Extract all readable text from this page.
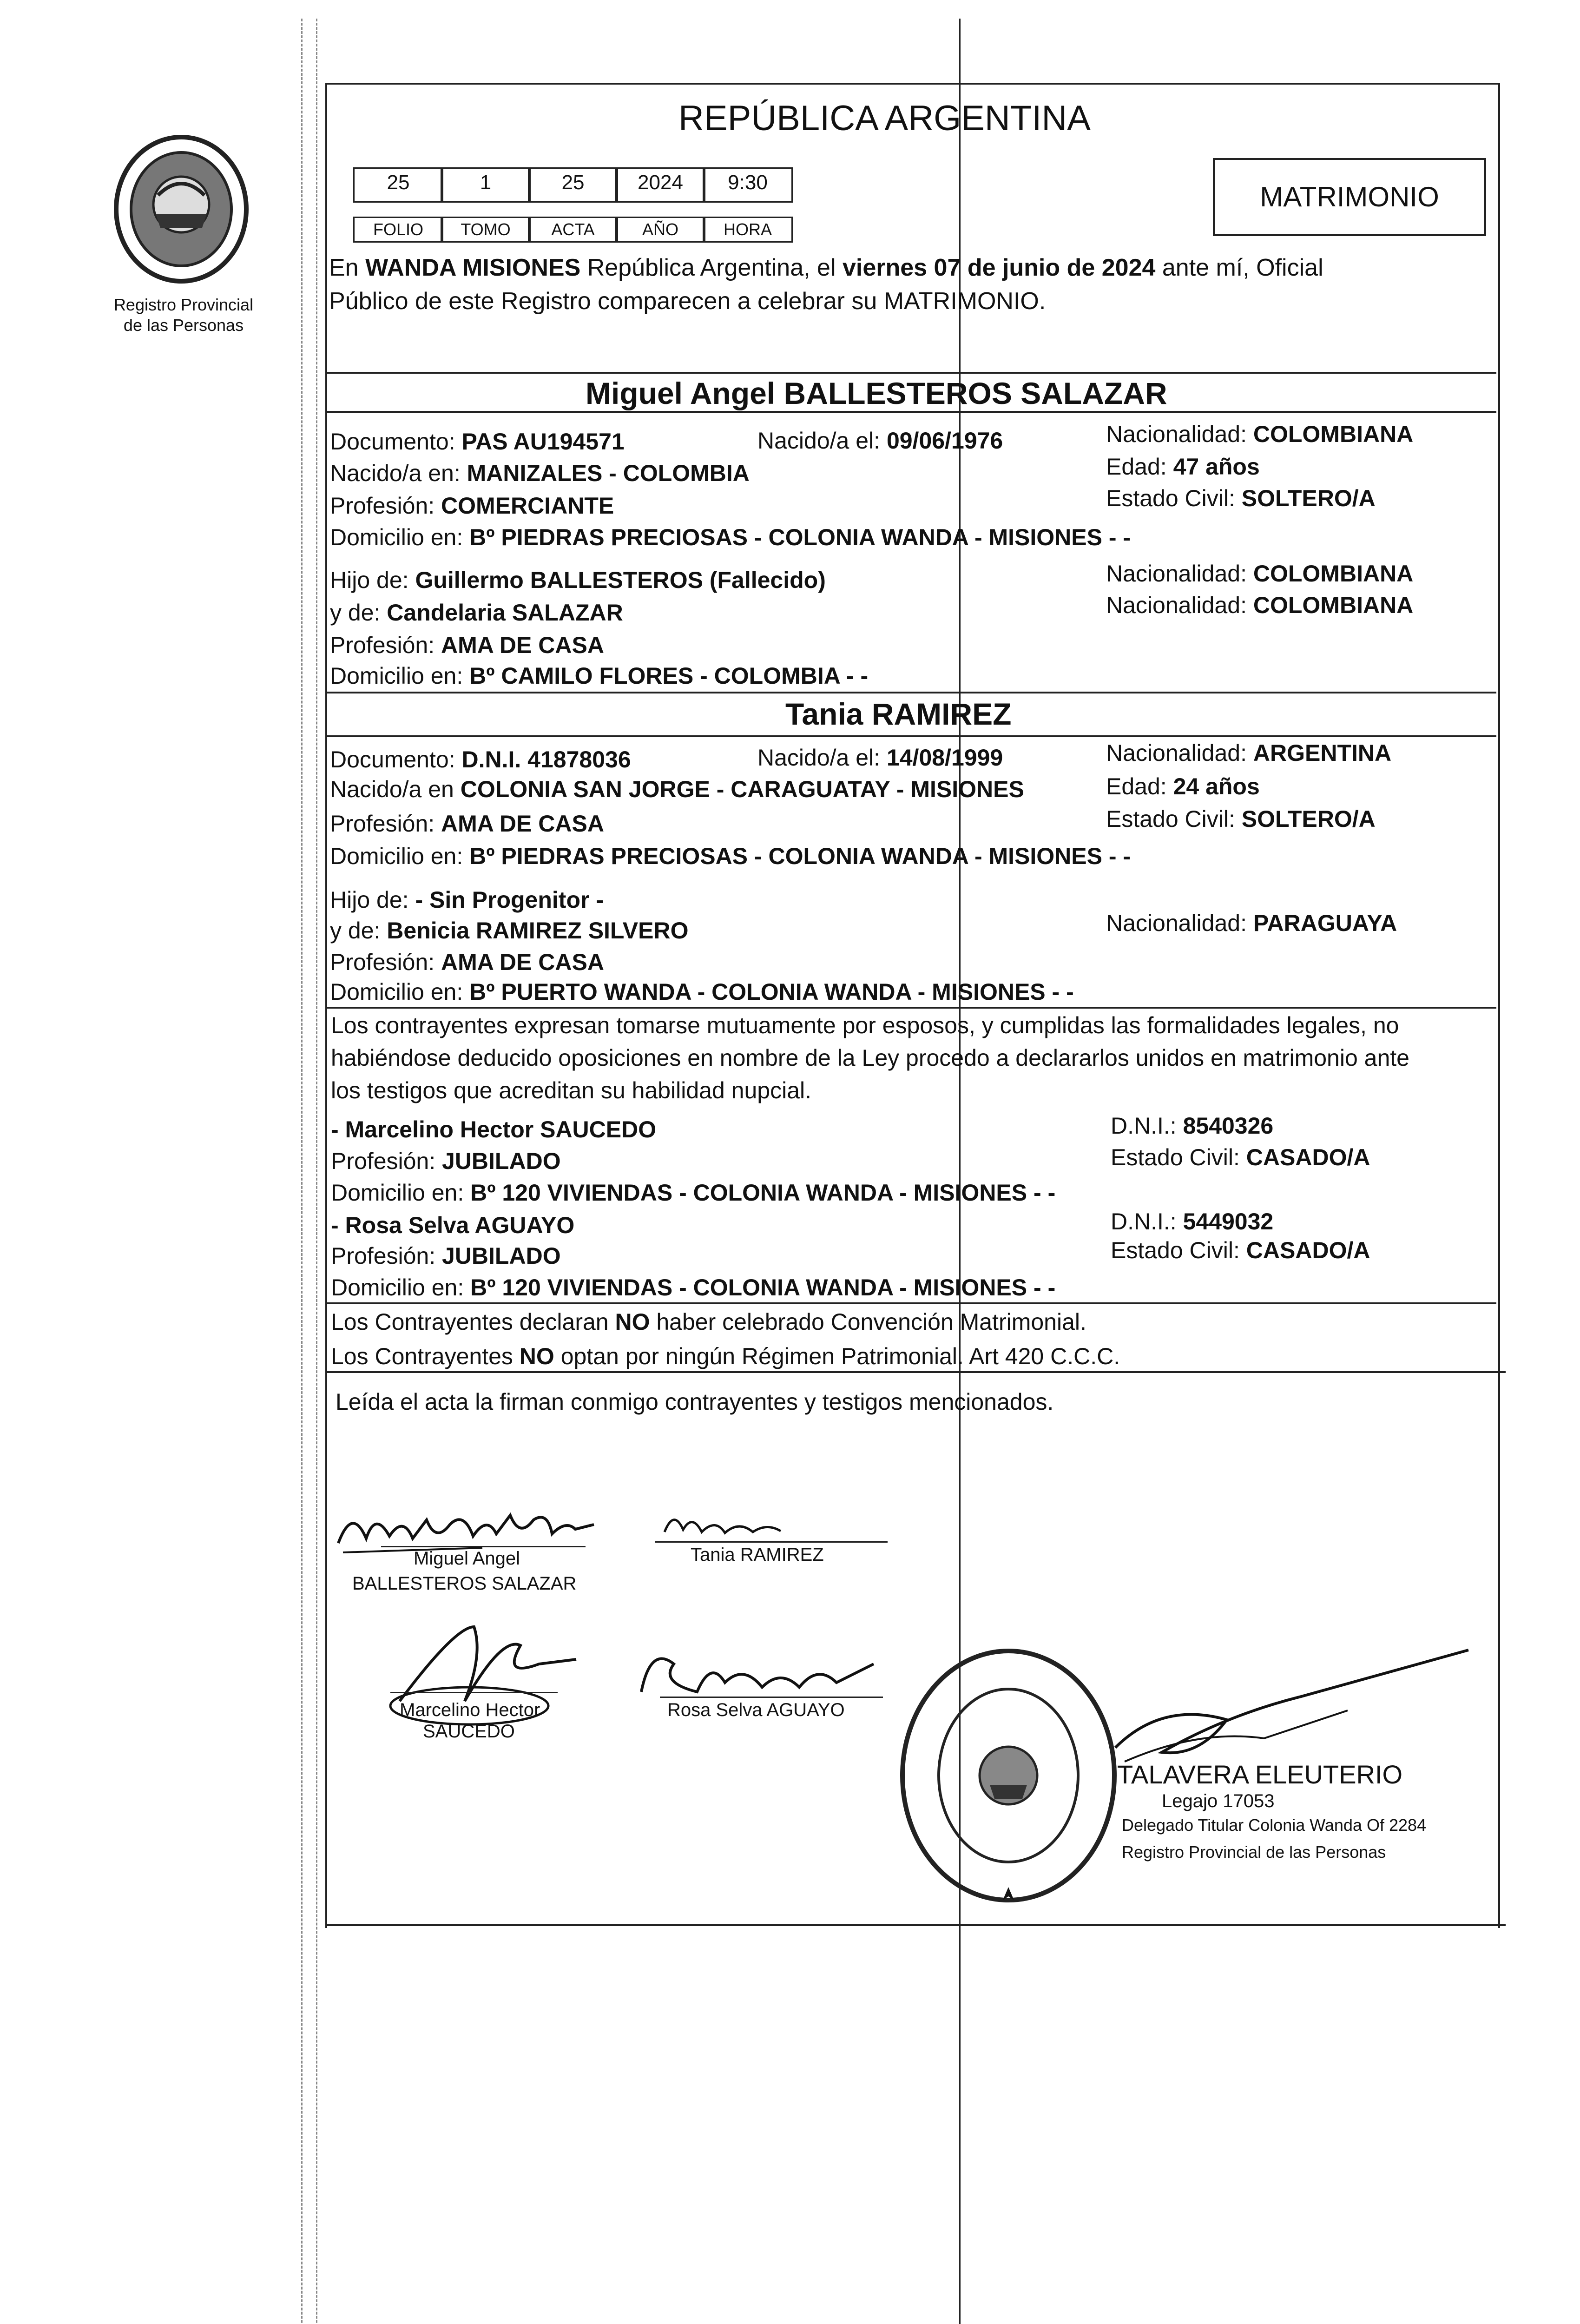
Registro Provincial
de las Personas
REPÚBLICA ARGENTINA
MATRIMONIO
25	1	25	2024	9:30
FOLIO	TOMO	ACTA	AÑO	HORA
En WANDA MISIONES República Argentina, el viernes 07 de junio de 2024 ante mí, Oficial
Público de este Registro comparecen a celebrar su MATRIMONIO.
Miguel Angel BALLESTEROS SALAZAR
Documento: PAS AU194571	Nacido/a el: 09/06/1976	Nacionalidad: COLOMBIANA
Nacido/a en: MANIZALES - COLOMBIA	Edad: 47 años
Profesión: COMERCIANTE	Estado Civil: SOLTERO/A
Domicilio en: Bº PIEDRAS PRECIOSAS - COLONIA WANDA - MISIONES - -
Hijo de: Guillermo BALLESTEROS (Fallecido)	Nacionalidad: COLOMBIANA
y de: Candelaria SALAZAR	Nacionalidad: COLOMBIANA
Profesión: AMA DE CASA
Domicilio en: Bº CAMILO FLORES - COLOMBIA - -
Tania RAMIREZ
Documento: D.N.I. 41878036	Nacido/a el: 14/08/1999	Nacionalidad: ARGENTINA
Nacido/a en COLONIA SAN JORGE - CARAGUATAY - MISIONES	Edad: 24 años
Profesión: AMA DE CASA	Estado Civil: SOLTERO/A
Domicilio en: Bº PIEDRAS PRECIOSAS - COLONIA WANDA - MISIONES - -
Hijo de: - Sin Progenitor -
y de: Benicia RAMIREZ SILVERO	Nacionalidad: PARAGUAYA
Profesión: AMA DE CASA
Domicilio en: Bº PUERTO WANDA - COLONIA WANDA - MISIONES - -
Los contrayentes expresan tomarse mutuamente por esposos, y cumplidas las formalidades legales, no
habiéndose deducido oposiciones en nombre de la Ley procedo a declararlos unidos en matrimonio ante
los testigos que acreditan su habilidad nupcial.
- Marcelino Hector SAUCEDO	D.N.I.: 8540326
Profesión: JUBILADO	Estado Civil: CASADO/A
Domicilio en: Bº 120 VIVIENDAS - COLONIA WANDA - MISIONES - -
- Rosa Selva AGUAYO	D.N.I.: 5449032
Profesión: JUBILADO	Estado Civil: CASADO/A
Domicilio en: Bº 120 VIVIENDAS - COLONIA WANDA - MISIONES - -
Los Contrayentes declaran NO haber celebrado Convención Matrimonial.
Los Contrayentes NO optan por ningún Régimen Patrimonial. Art 420 C.C.C.
Leída el acta la firman conmigo contrayentes y testigos mencionados.
Miguel Angel
BALLESTEROS SALAZAR
Tania RAMIREZ
Marcelino Hector
SAUCEDO
Rosa Selva AGUAYO
TALAVERA ELEUTERIO
Legajo 17053
Delegado Titular Colonia Wanda Of 2284
Registro Provincial de las Personas
